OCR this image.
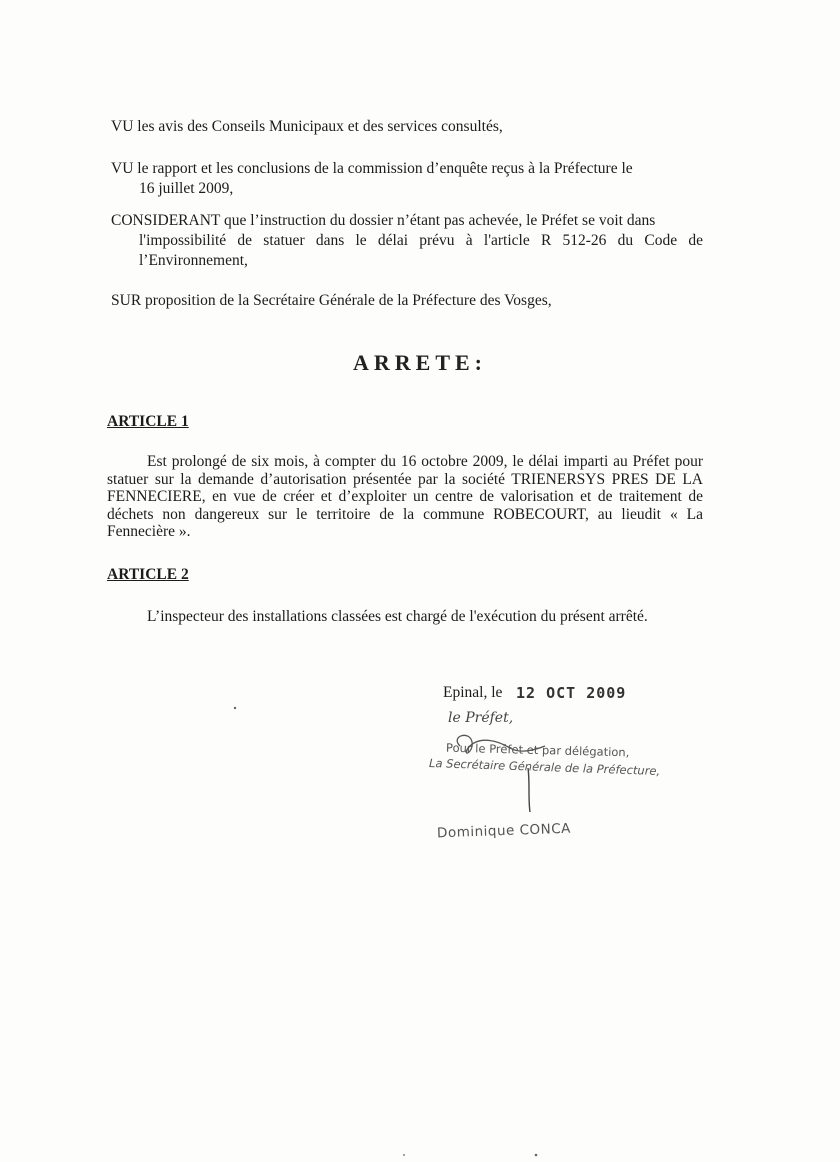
VU les avis des Conseils Municipaux et des services consultés,
VU le rapport et les conclusions de la commission d’enquête reçus à la Préfecture le
16 juillet 2009,
CONSIDERANT que l’instruction du dossier n’étant pas achevée, le Préfet se voit dans
l'impossibilité de statuer dans le délai prévu à l'article R 512-26 du Code de l’Environnement,
SUR proposition de la Secrétaire Générale de la Préfecture des Vosges,
ARRETE:
ARTICLE 1
Est prolongé de six mois, à compter du 16 octobre 2009, le délai imparti au Préfet pour statuer sur la demande d’autorisation présentée par la société TRIENERSYS PRES DE LA FENNECIERE, en vue de créer et d’exploiter un centre de valorisation et de traitement de déchets non dangereux sur le territoire de la commune ROBECOURT, au lieudit « La Fennecière ».
ARTICLE 2
L’inspecteur des installations classées est chargé de l'exécution du présent arrêté.
Epinal, le 12 OCT 2009
le Préfet,
Pour le Préfet et par délégation,
La Secrétaire Générale de la Préfecture,
Dominique CONCA
